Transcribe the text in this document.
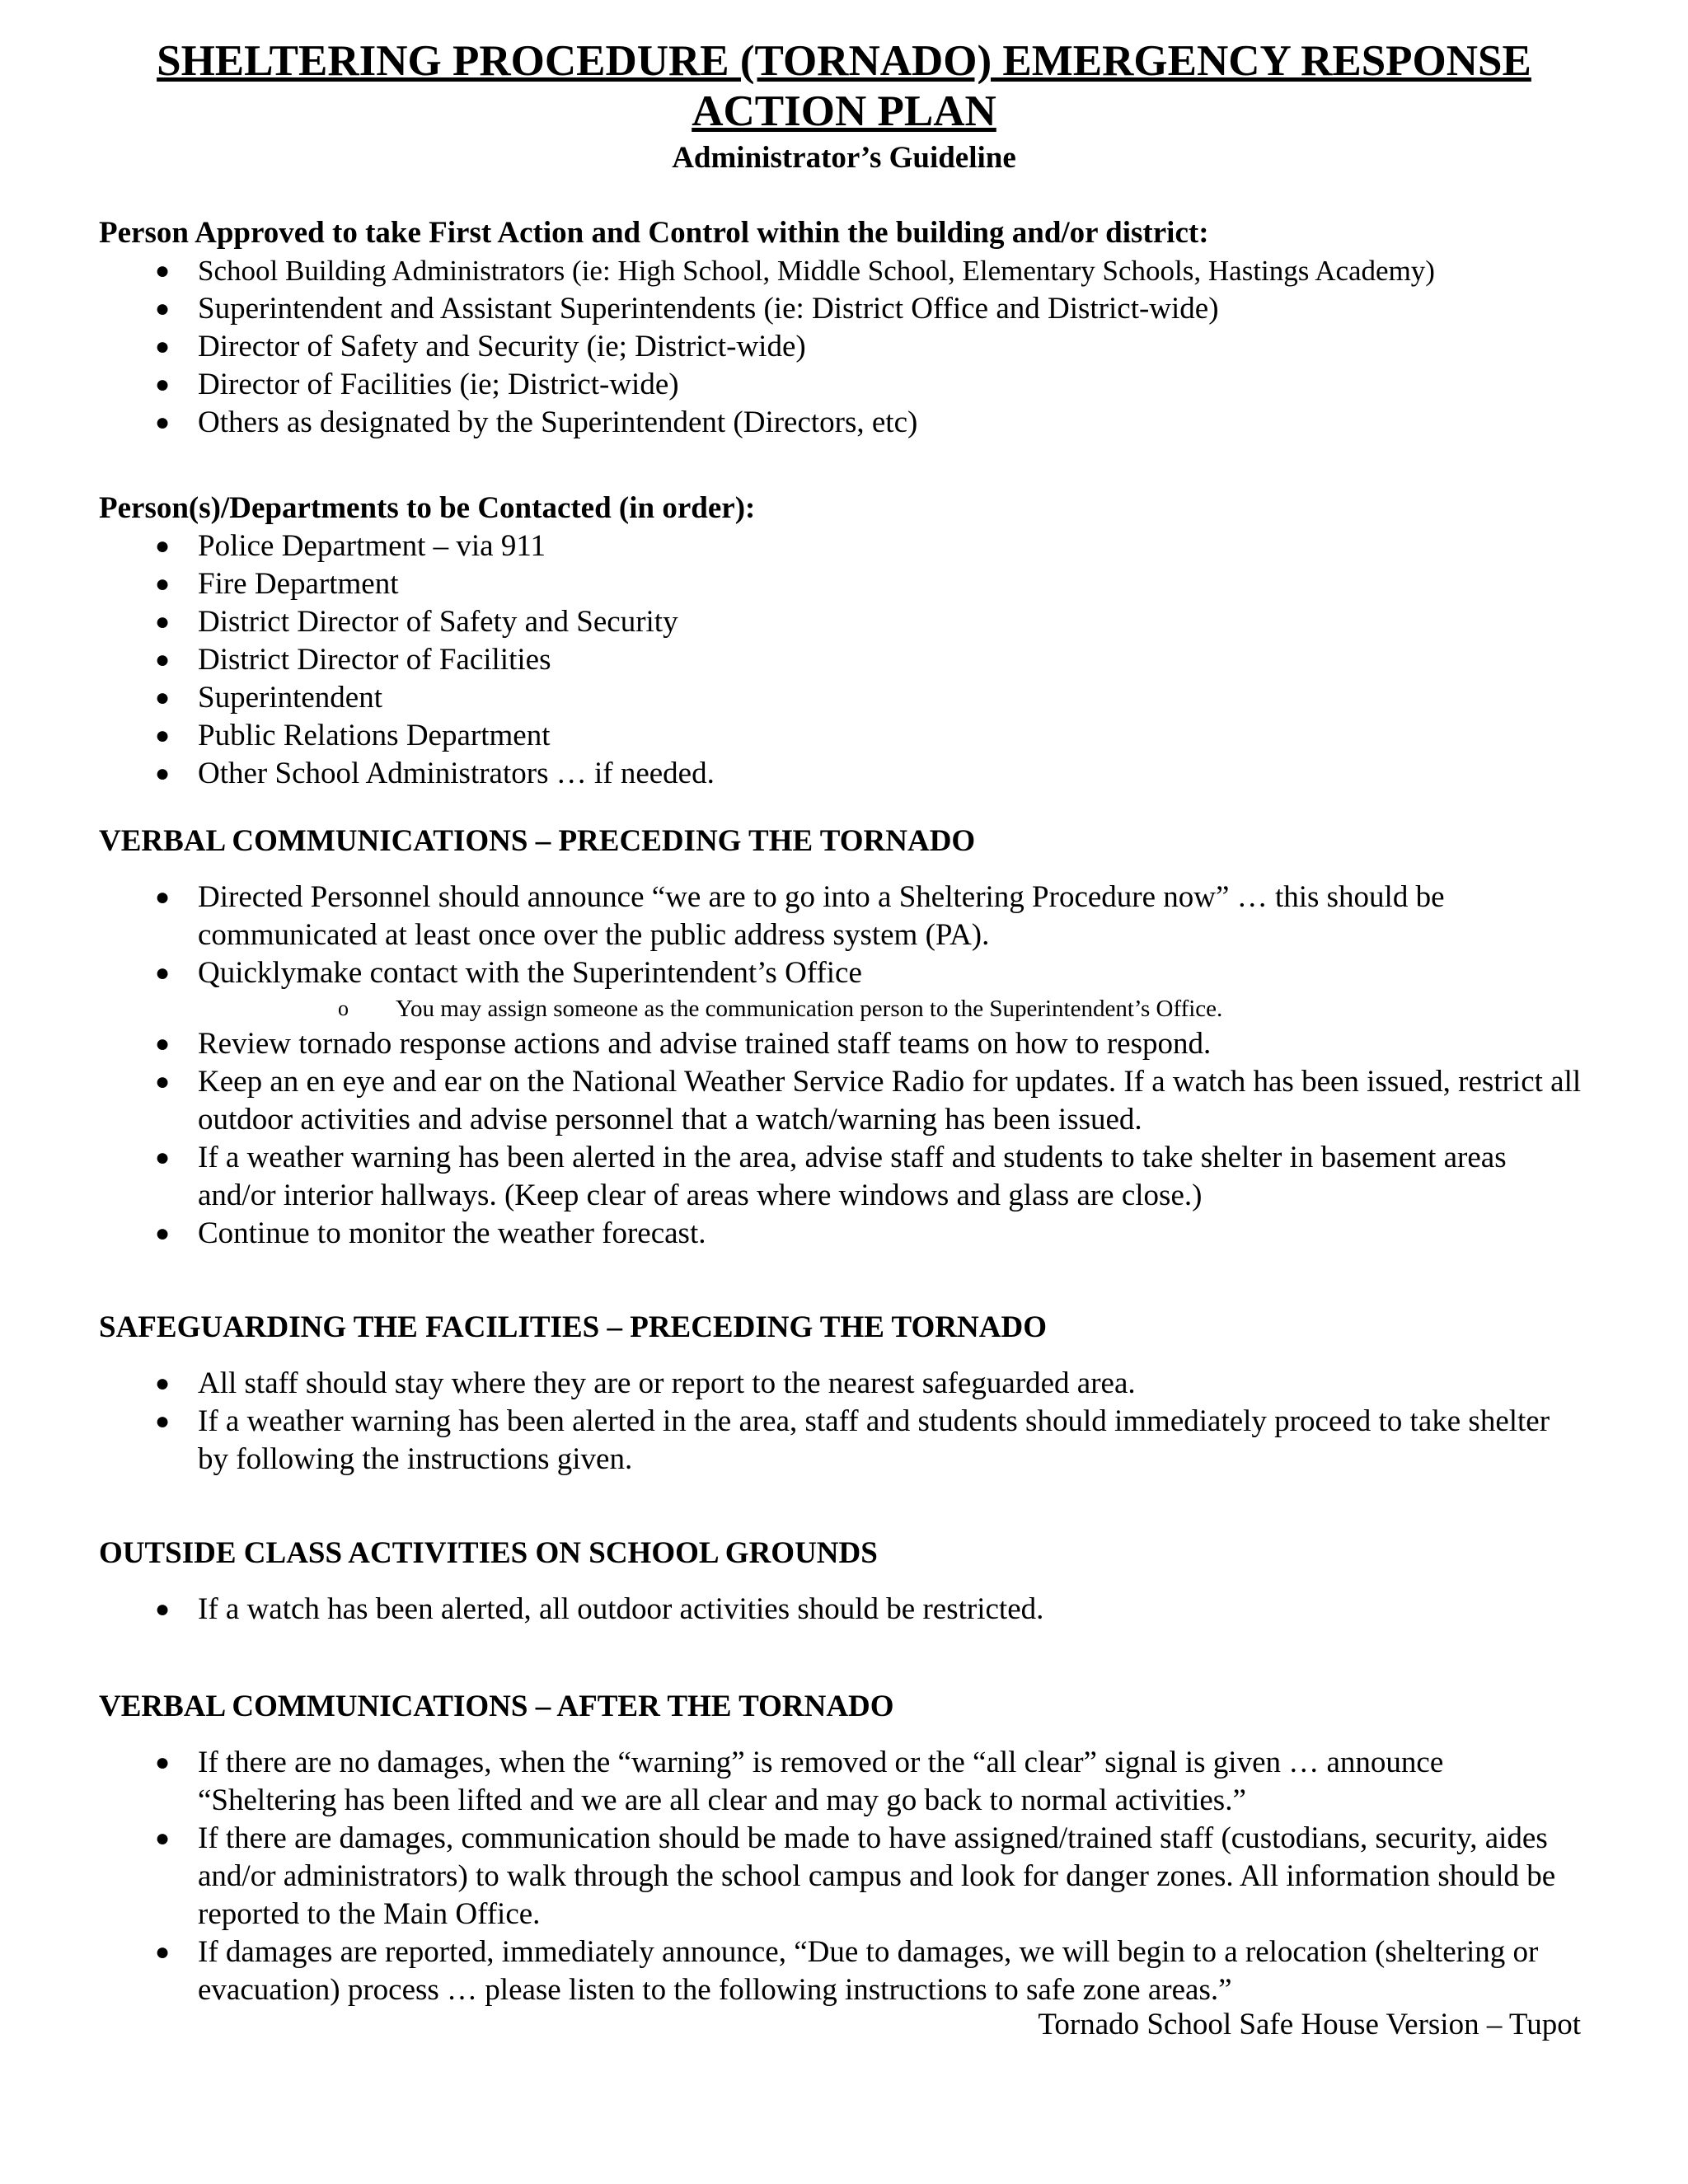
SHELTERING PROCEDURE (TORNADO) EMERGENCY RESPONSE
ACTION PLAN
Administrator’s Guideline
Person Approved to take First Action and Control within the building and/or district:
● School Building Administrators (ie: High School, Middle School, Elementary Schools, Hastings Academy)
● Superintendent and Assistant Superintendents (ie: District Office and District-wide)
● Director of Safety and Security (ie; District-wide)
● Director of Facilities (ie; District-wide)
● Others as designated by the Superintendent (Directors, etc)
Person(s)/Departments to be Contacted (in order):
● Police Department – via 911
● Fire Department
● District Director of Safety and Security
● District Director of Facilities
● Superintendent
● Public Relations Department
● Other School Administrators … if needed.
VERBAL COMMUNICATIONS – PRECEDING THE TORNADO
● Directed Personnel should announce “we are to go into a Sheltering Procedure now” … this should be communicated at least once over the public address system (PA).
● Quicklymake contact with the Superintendent’s Office
o	You may assign someone as the communication person to the Superintendent’s Office.
● Review tornado response actions and advise trained staff teams on how to respond.
● Keep an en eye and ear on the National Weather Service Radio for updates. If a watch has been issued, restrict all outdoor activities and advise personnel that a watch/warning has been issued.
● If a weather warning has been alerted in the area, advise staff and students to take shelter in basement areas and/or interior hallways. (Keep clear of areas where windows and glass are close.)
● Continue to monitor the weather forecast.
SAFEGUARDING THE FACILITIES – PRECEDING THE TORNADO
● All staff should stay where they are or report to the nearest safeguarded area.
● If a weather warning has been alerted in the area, staff and students should immediately proceed to take shelter by following the instructions given.
OUTSIDE CLASS ACTIVITIES ON SCHOOL GROUNDS
● If a watch has been alerted, all outdoor activities should be restricted.
VERBAL COMMUNICATIONS – AFTER THE TORNADO
● If there are no damages, when the “warning” is removed or the “all clear” signal is given … announce “Sheltering has been lifted and we are all clear and may go back to normal activities.”
● If there are damages, communication should be made to have assigned/trained staff (custodians, security, aides and/or administrators) to walk through the school campus and look for danger zones. All information should be reported to the Main Office.
● If damages are reported, immediately announce, “Due to damages, we will begin to a relocation (sheltering or evacuation) process … please listen to the following instructions to safe zone areas.”
Tornado School Safe House Version – Tupot
